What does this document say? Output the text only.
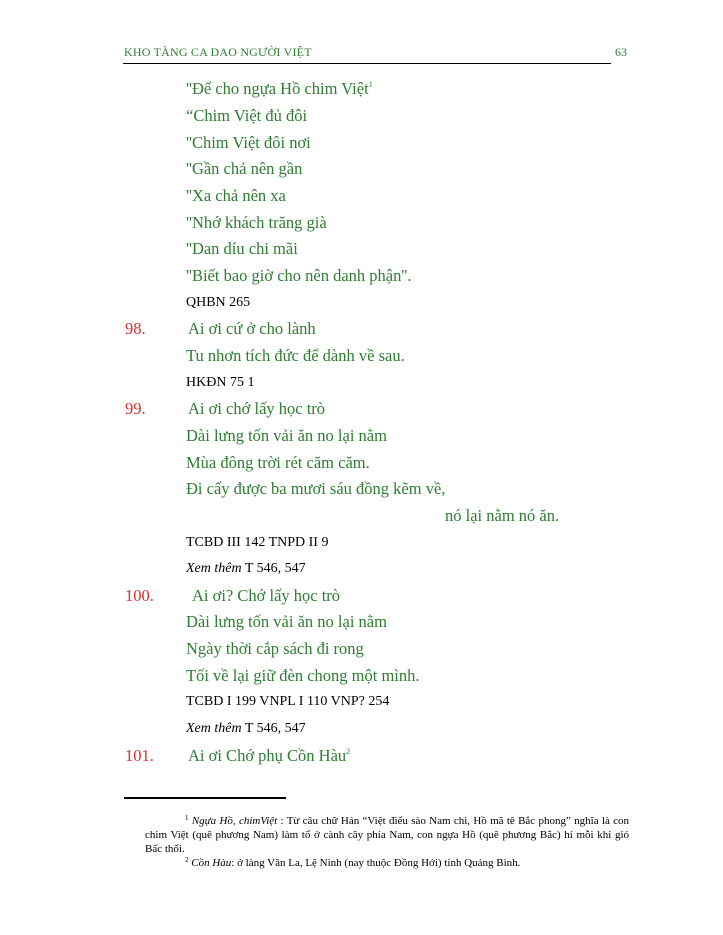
KHO TÀNG CA DAO NGƯỜI VIỆT	63
''Để cho ngựa Hồ chim Việt$^1$
“Chim Việt đủ đôi
''Chim Việt đôi nơi
''Gần chả nên gần
''Xa chả nên xa
''Nhớ khách trăng già
''Dan díu chi mãi
''Biết bao giờ cho nên danh phận''.
QHBN 265
98.	Ai ơi cứ ở cho lành
Tu nhơn tích đức để dành về sau.
HKĐN 75 1
99.	Ai ơi chớ lấy học trò
Dài lưng tốn vải ăn no lại nằm
Mùa đông trời rét căm căm.
Đi cấy được ba mươi sáu đồng kẽm về,
nó lại nằm nó ăn.
TCBD III 142 TNPD II 9
Xem thêm T 546, 547
100. Ai ơi? Chớ lấy học trò
Dài lưng tốn vải ăn no lại nằm
Ngày thời cắp sách đi rong
Tối về lại giữ đèn chong một mình.
TCBD I 199 VNPL I 110 VNP? 254
Xem thêm T 546, 547
101. Ai ơi Chớ phụ Cồn Hàu$^2$
$^1$ Ngựa Hồ, chimViệt : Từ câu chữ Hán “Việt điểu sào Nam chi, Hồ mã tê Bắc phong” nghĩa là con chim Việt (quê phương Nam) làm tổ ở cành cây phía Nam, con ngựa Hồ (quê phương Bắc) hí mỗi khi gió Bấc thổi.
$^2$ Cồn Hàu: ở làng Văn La, Lệ Ninh (nay thuộc Đồng Hới) tỉnh Quảng Bình.
